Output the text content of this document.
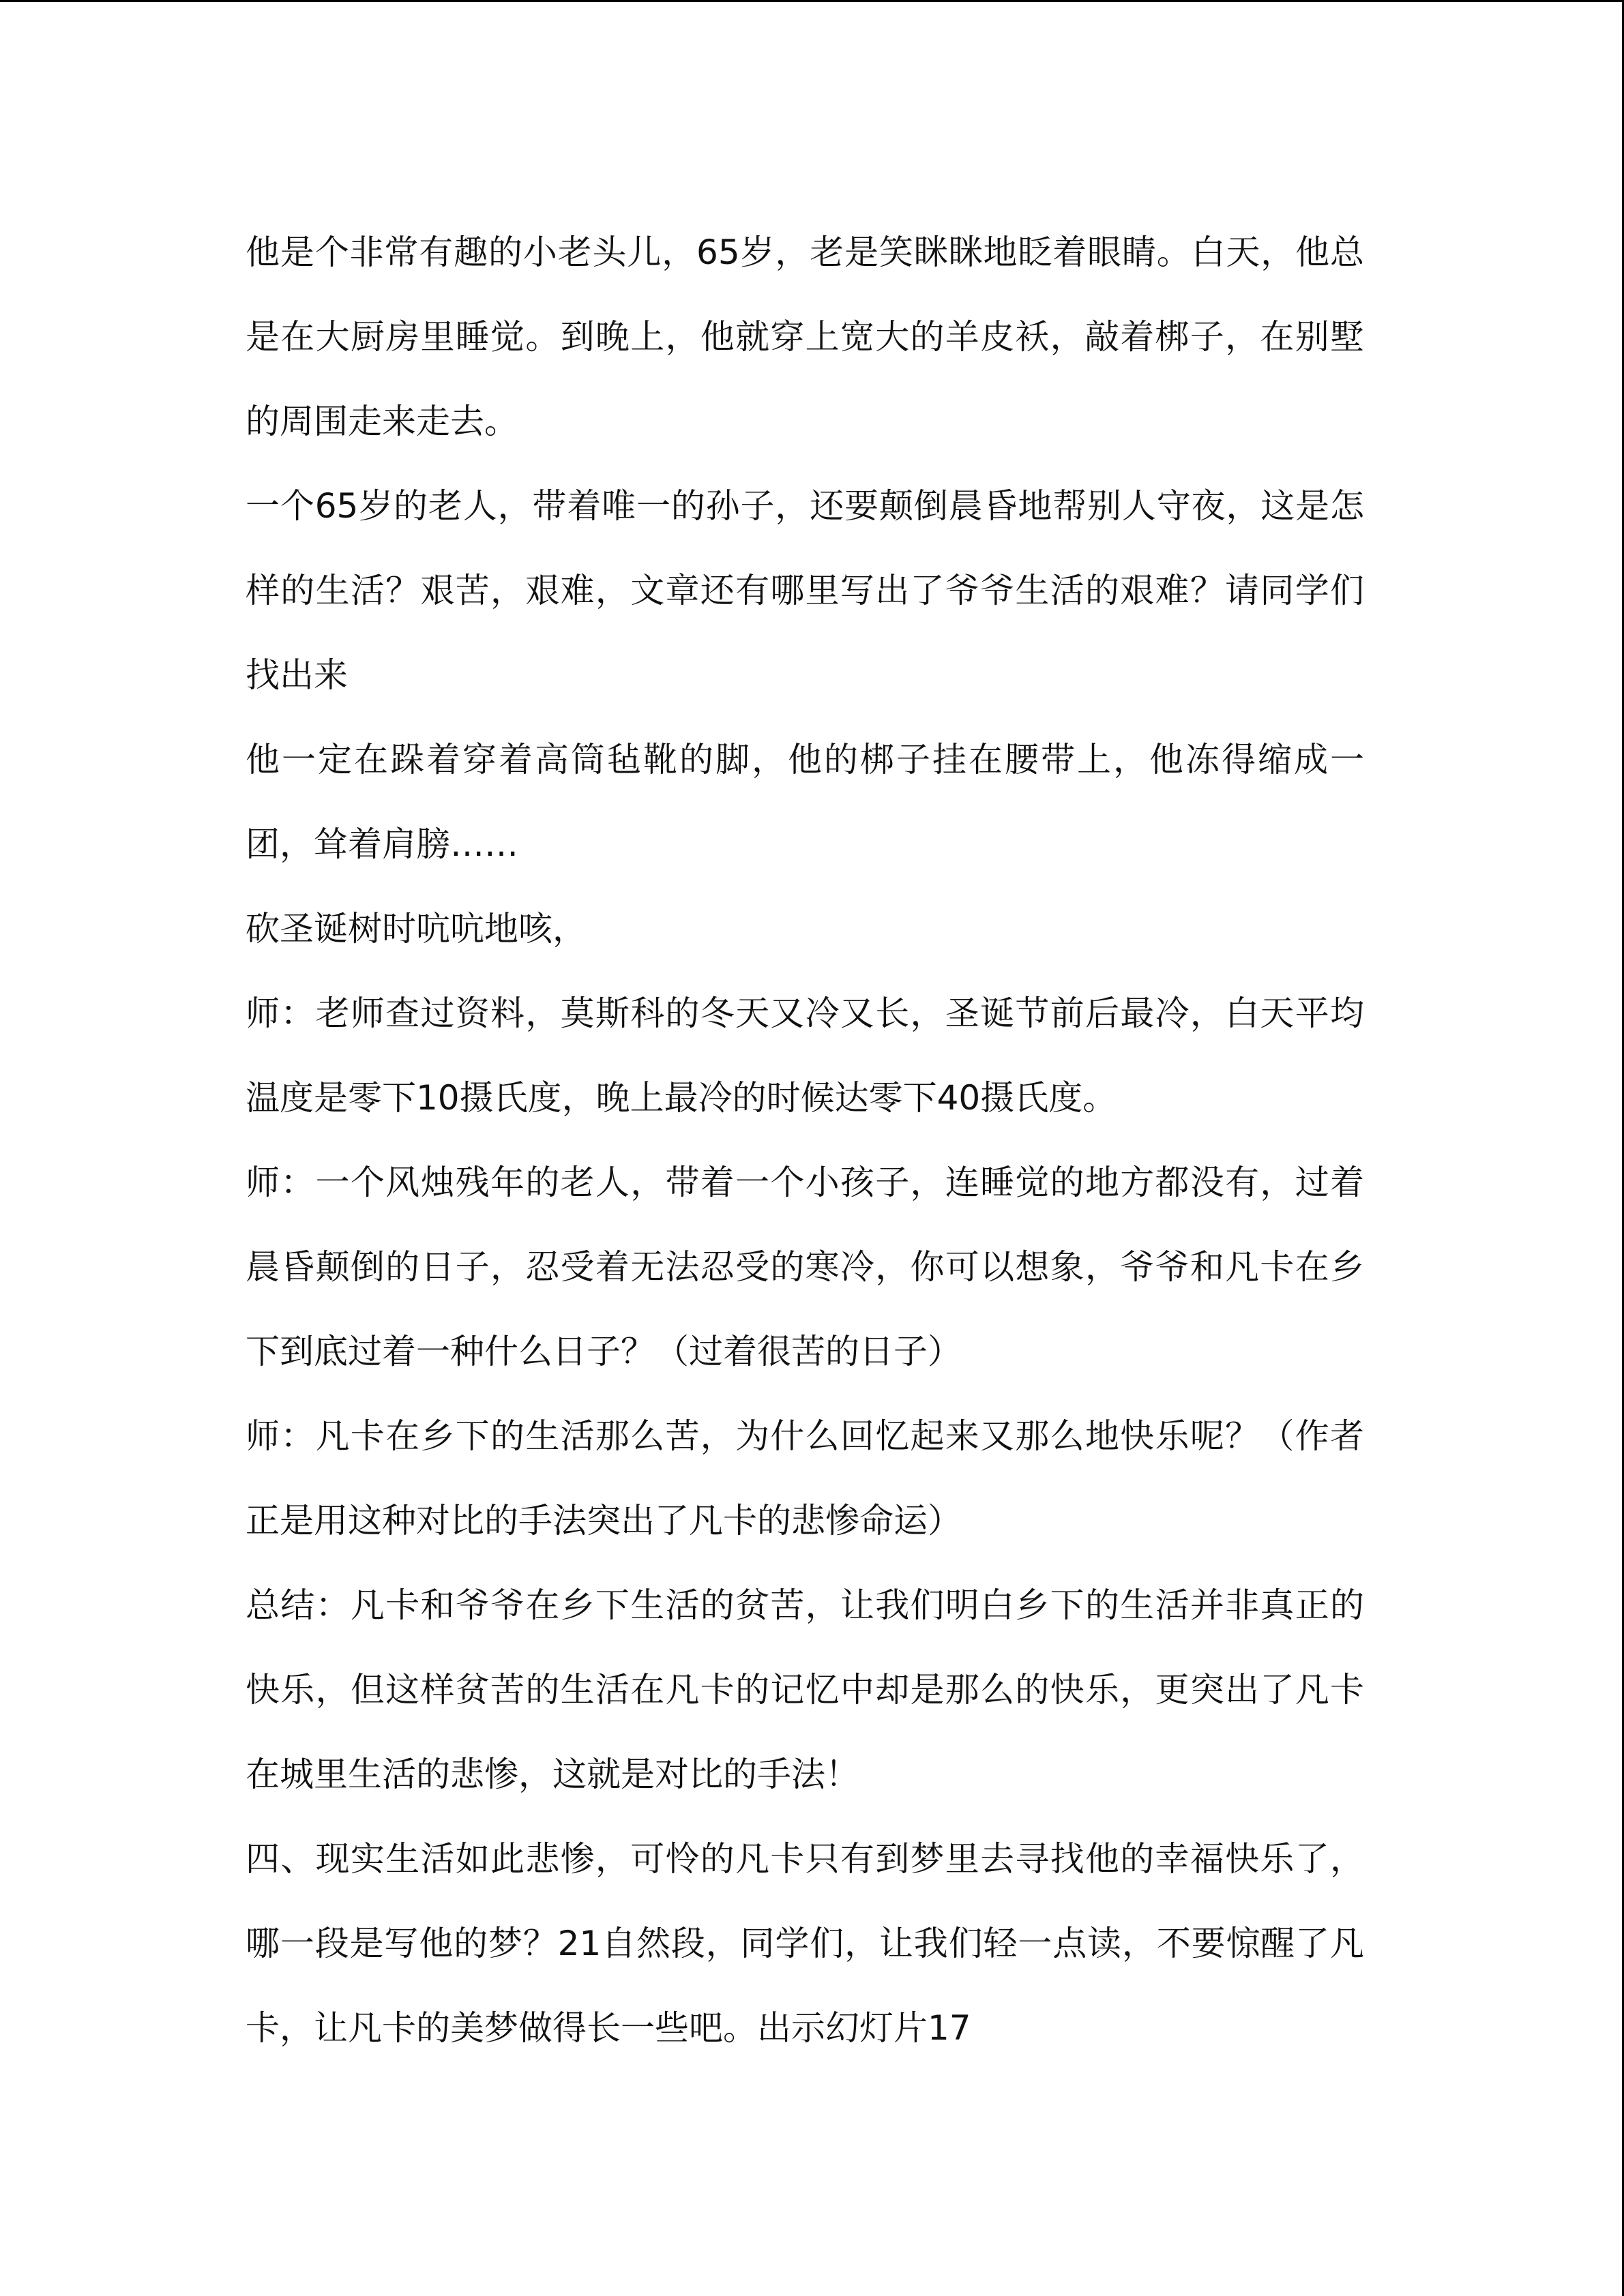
他是个非常有趣的小老头儿，65岁，老是笑眯眯地眨着眼睛。白天，他总是在大厨房里睡觉。到晚上，他就穿上宽大的羊皮袄，敲着梆子，在别墅的周围走来走去。

一个65岁的老人，带着唯一的孙子，还要颠倒晨昏地帮别人守夜，这是怎样的生活？艰苦，艰难，文章还有哪里写出了爷爷生活的艰难？请同学们找出来

他一定在跺着穿着高筒毡靴的脚，他的梆子挂在腰带上，他冻得缩成一团，耸着肩膀……

砍圣诞树时吭吭地咳，

师：老师查过资料，莫斯科的冬天又冷又长，圣诞节前后最冷，白天平均温度是零下10摄氏度，晚上最冷的时候达零下40摄氏度。

师：一个风烛残年的老人，带着一个小孩子，连睡觉的地方都没有，过着晨昏颠倒的日子，忍受着无法忍受的寒冷，你可以想象，爷爷和凡卡在乡下到底过着一种什么日子？（过着很苦的日子）

师：凡卡在乡下的生活那么苦，为什么回忆起来又那么地快乐呢？（作者正是用这种对比的手法突出了凡卡的悲惨命运）

总结：凡卡和爷爷在乡下生活的贫苦，让我们明白乡下的生活并非真正的快乐，但这样贫苦的生活在凡卡的记忆中却是那么的快乐，更突出了凡卡在城里生活的悲惨，这就是对比的手法！

四、现实生活如此悲惨，可怜的凡卡只有到梦里去寻找他的幸福快乐了，哪一段是写他的梦？21自然段，同学们，让我们轻一点读，不要惊醒了凡卡，让凡卡的美梦做得长一些吧。出示幻灯片17
